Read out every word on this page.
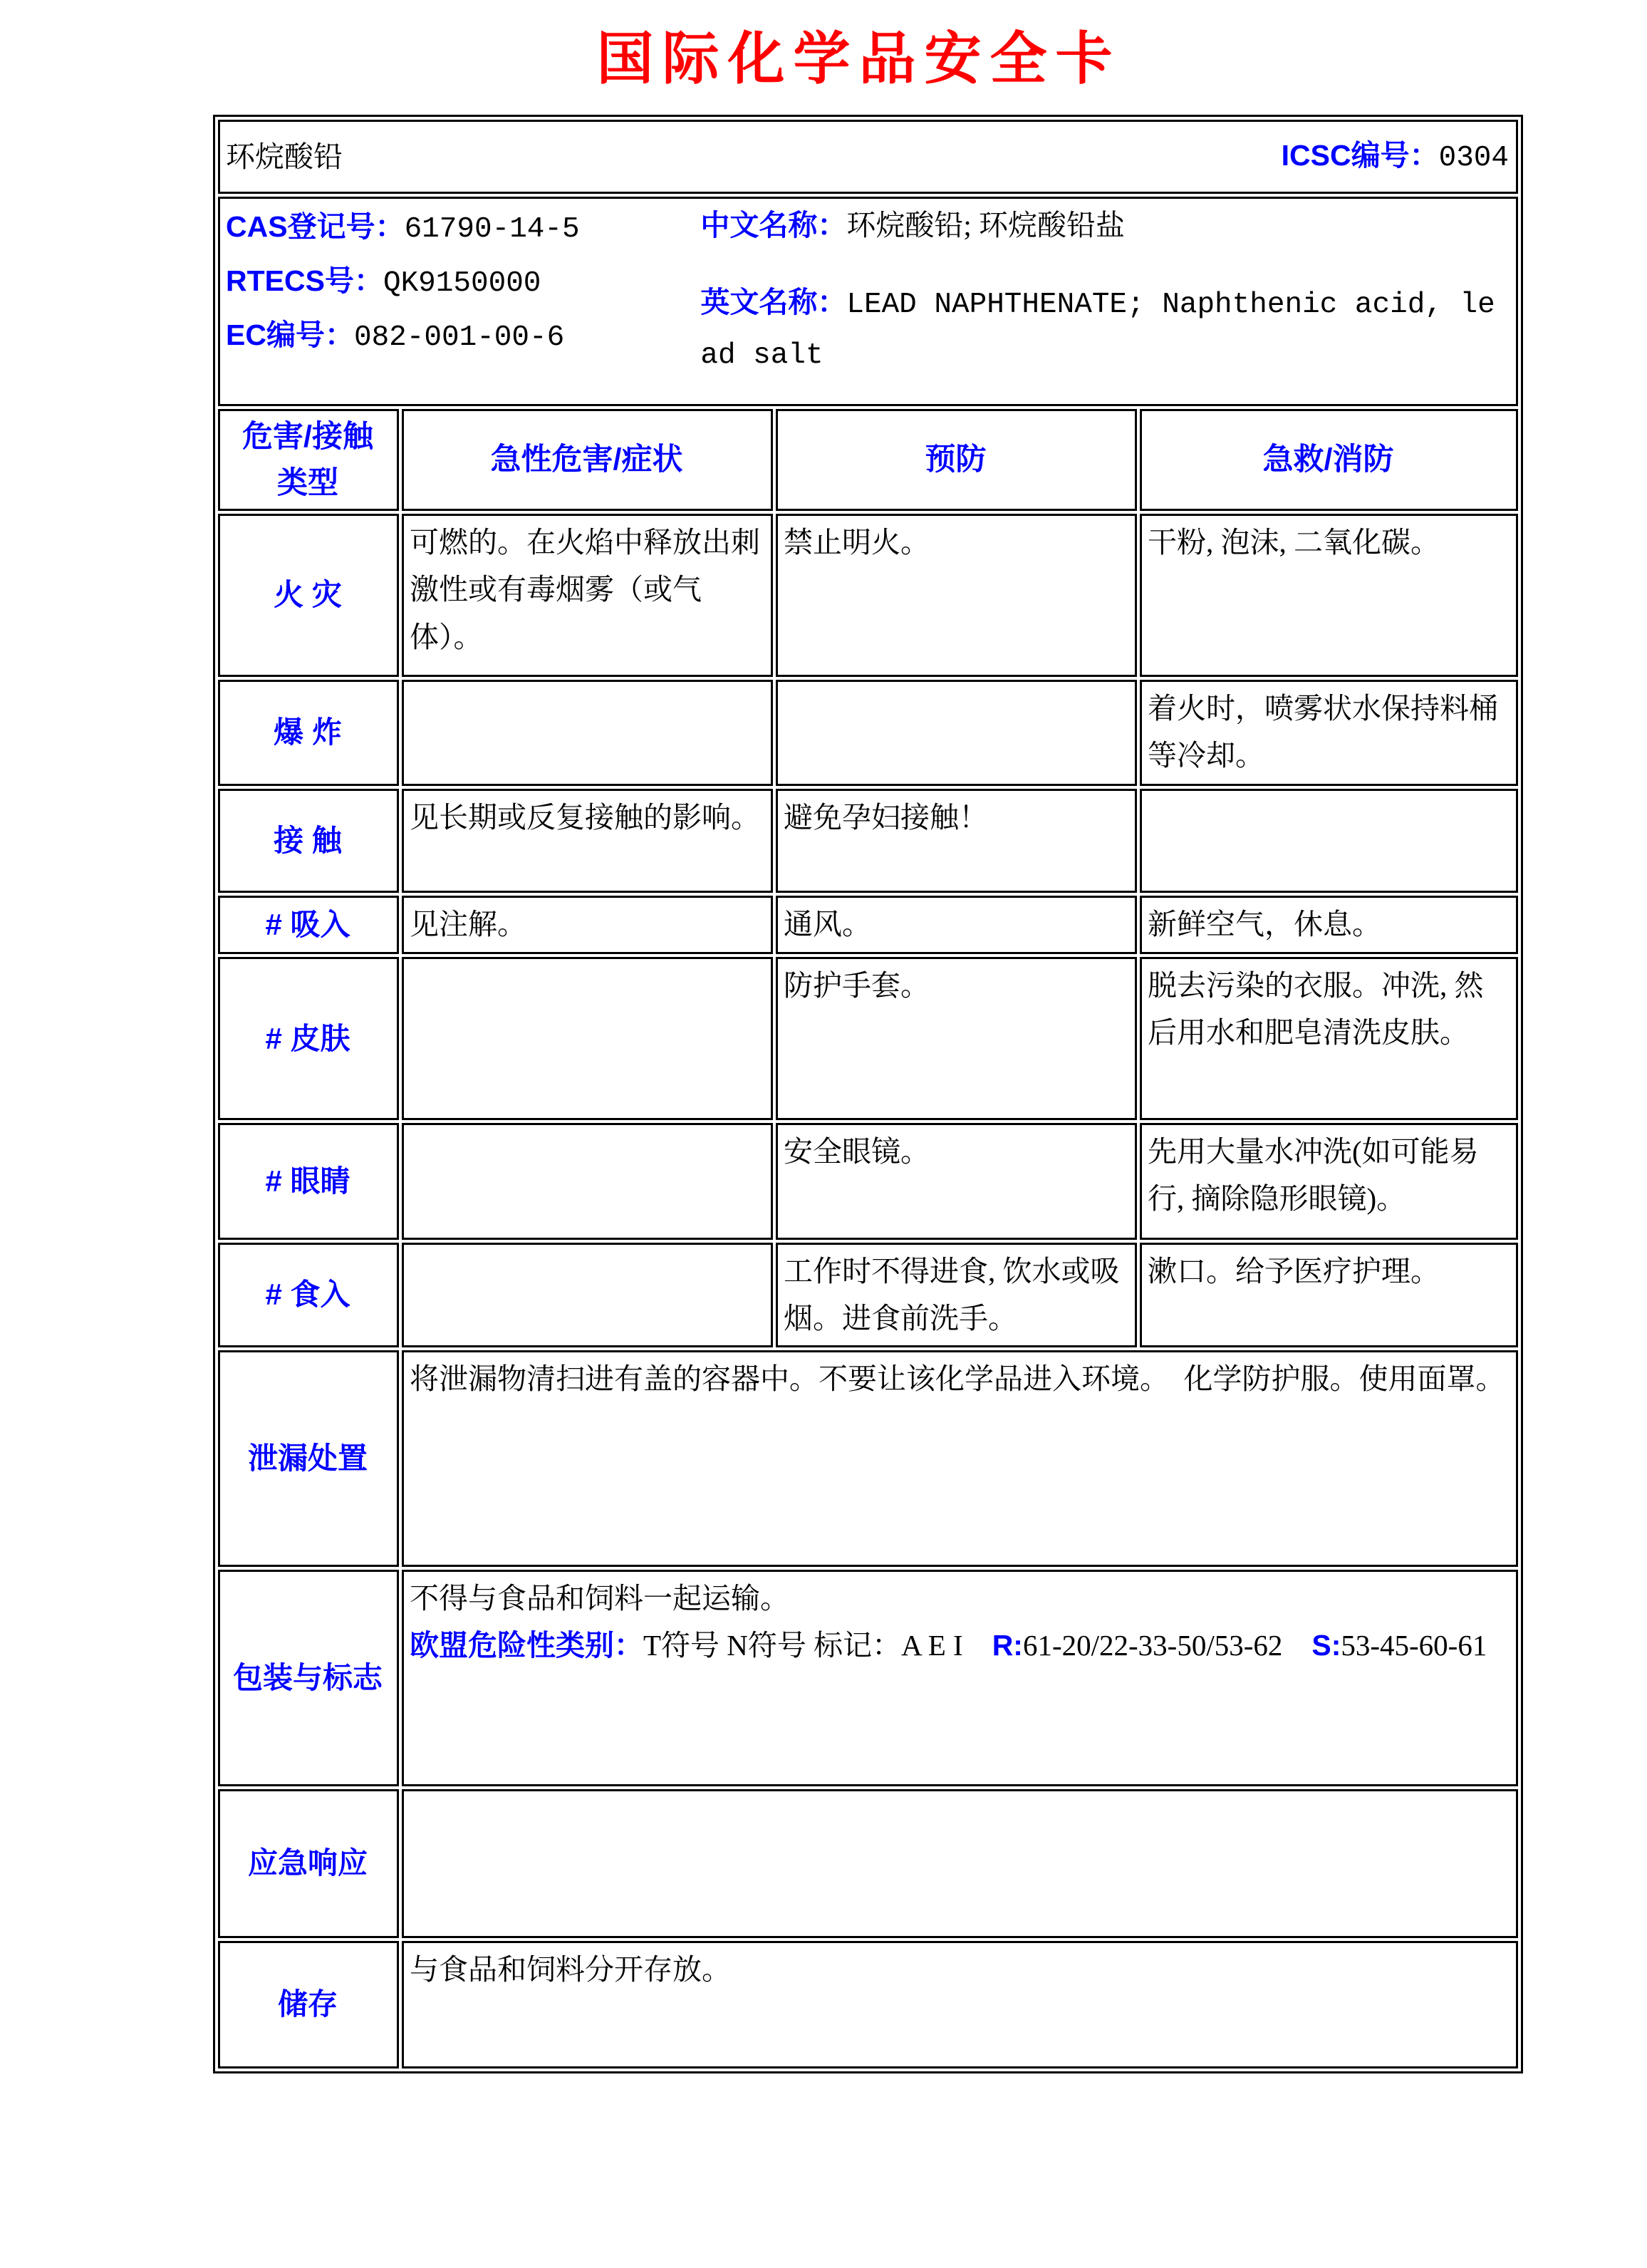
国际化学品安全卡
环烷酸铅 ICSC编号：0304			

CAS登记号：61790-14-5
RTECS号：QK9150000
EC编号：082-001-00-6

中文名称：环烷酸铅; 环烷酸铅盐

英文名称：LEAD NAPHTHENATE; Naphthenic acid, lead salt			

危害/接触
类型	急性危害/症状	预防	急救/消防
火 灾	可燃的。在火焰中释放出刺激性或有毒烟雾（或气体）。	禁止明火。	干粉, 泡沫, 二氧化碳。
爆 炸			着火时，喷雾状水保持料桶等冷却。
接 触	见长期或反复接触的影响。	避免孕妇接触！	
# 吸入	见注解。	通风。	新鲜空气，休息。
# 皮肤		防护手套。	脱去污染的衣服。冲洗, 然后用水和肥皂清洗皮肤。
# 眼睛		安全眼镜。	先用大量水冲洗(如可能易行, 摘除隐形眼镜)。
# 食入		工作时不得进食, 饮水或吸烟。进食前洗手。	漱口。给予医疗护理。
泄漏处置	将泄漏物清扫进有盖的容器中。不要让该化学品进入环境。　化学防护服。使用面罩。		
包装与标志	不得与食品和饲料一起运输。

欧盟危险性类别：T符号 N符号 标记：A E I　 R:61-20/22-33-50/53-62　 S:53-45-60-61		

应急响应			
储存	与食品和饲料分开存放。		
